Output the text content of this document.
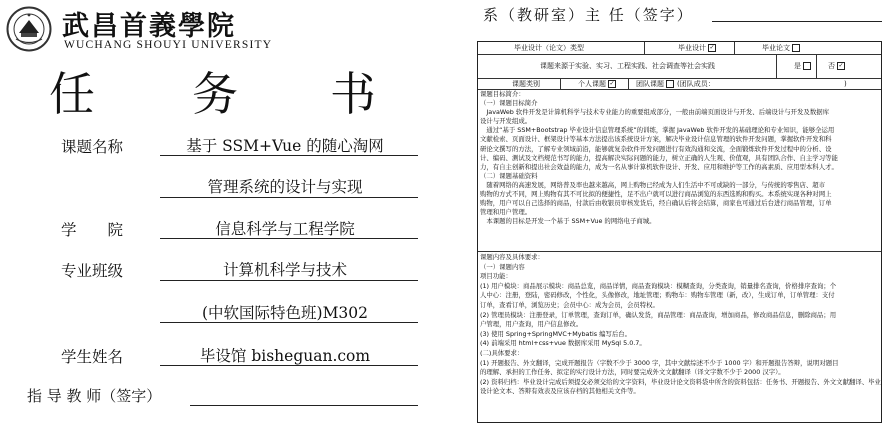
武昌首義學院
WUCHANG SHOUYI UNIVERSITY
任 务 书
课题名称	基于 SSM+Vue 的随心淘网
管理系统的设计与实现
学　　院	信息科学与工程学院
专业班级	计算机科学与技术
(中软国际特色班)M302
学生姓名	毕设馆 bisheguan.com
指 导 教 师（签字）
系（教研室）主 任（签字）
毕业设计（论文）类型	毕业设计 ✓	毕业论文
课题来源于实验、实习、工程实践、社会调查等社会实践	是	否 ✓
课题类别	个人课题 ✓	团队课题 (团队成员：	)

课题目标简介：

（一）课题目标简介

　JavaWeb 软件开发是计算机科学与技术专业能力的重要组成部分，一般由前端页面设计与开发、后端设计与开发及数据库

设计与开发组成。

　通过“基于 SSM+Bootstrap 毕业设计信息管理系统”的训练，掌握 JavaWeb 软件开发的基础理论和专业知识，能够全运用

文献检索、页面设计、框架设计等基本方法提出该系统设计方案，解决毕业设计信息管理的软件开发问题，掌握软件开发和科

研论文撰写的方法，了解专业领域前沿，能够就复杂软件开发问题进行有效沟通和交流，全面锻炼软件开发过程中的分析、设

计、编码、测试及文档规范书写的能力，提高解决实际问题的能力，树立正确的人生观、价值观，具有团队合作、自主学习等能

力，有自主创新和提出社会效益的能力，成为一名从事计算机软件设计、开发、应用和维护等工作的高素质、应用型本科人才。

（二）课题基础资料

　随着网络的高速发展，网络普及率也越来越高，网上购物已经成为人们生活中不可或缺的一部分，与传统的零售店、超市

购物的方式不同，网上购物有其不可比拟的便捷性，足不出户就可以进行商品浏览的东西选购和购买。本系统实现各种对网上

购物，用户可以自己选择的商品，付款后由收银员审核发货后，经自确认后将会结算，商家也可通过后台进行商品管理，订单

管理和用户管理。

　本课题的目标是开发一个基于 SSM+Vue 的网络电子商城。

课题内容及具体要求：

（一）课题内容

项目功能：

(1) 用户模块：商品展示模块：商品总览，商品详情，商品查询模块：模糊查询，分类查询，销量排名查询，价格排序查询；个

人中心：注册，登陆，密码修改，个性化，头像修改，地址管理；购物车：购物车管理（新，改），生成订单，订单管理：支付

订单，查看订单，浏览历史；会员中心：成为会员，会员特权。

(2) 管理员模块：注册登录，订单管理，查询订单，确认发货，商品管理：商品查询，增加商品，修改商品信息，删除商品；用

户管理，用户查询，用户信息修改。

(3) 使用 Spring+SpringMVC+Mybatis 编写后台。

(4) 前端采用 html+css+vue 数据库采用 MySql 5.0.7。

(二)具体要求：

(1) 开题报告、外文翻译，完成开题报告（字数不少于 3000 字，其中文献综述不少于 1000 字）和开题报告答辩，说明对题目

的理解、承担的工作任务、拟定的实行设计方法，同时要完成外文文献翻译（译文字数不少于 2000 汉字）。

(2) 资料归档：毕业设计完成后须提交必须交给的文字资料，毕业设计论文资料袋中所含的资料包括：任务书、开题报告、外文文献翻译、毕业

设计论文本、答辩有效表及应该存档的其他相关文件等。
